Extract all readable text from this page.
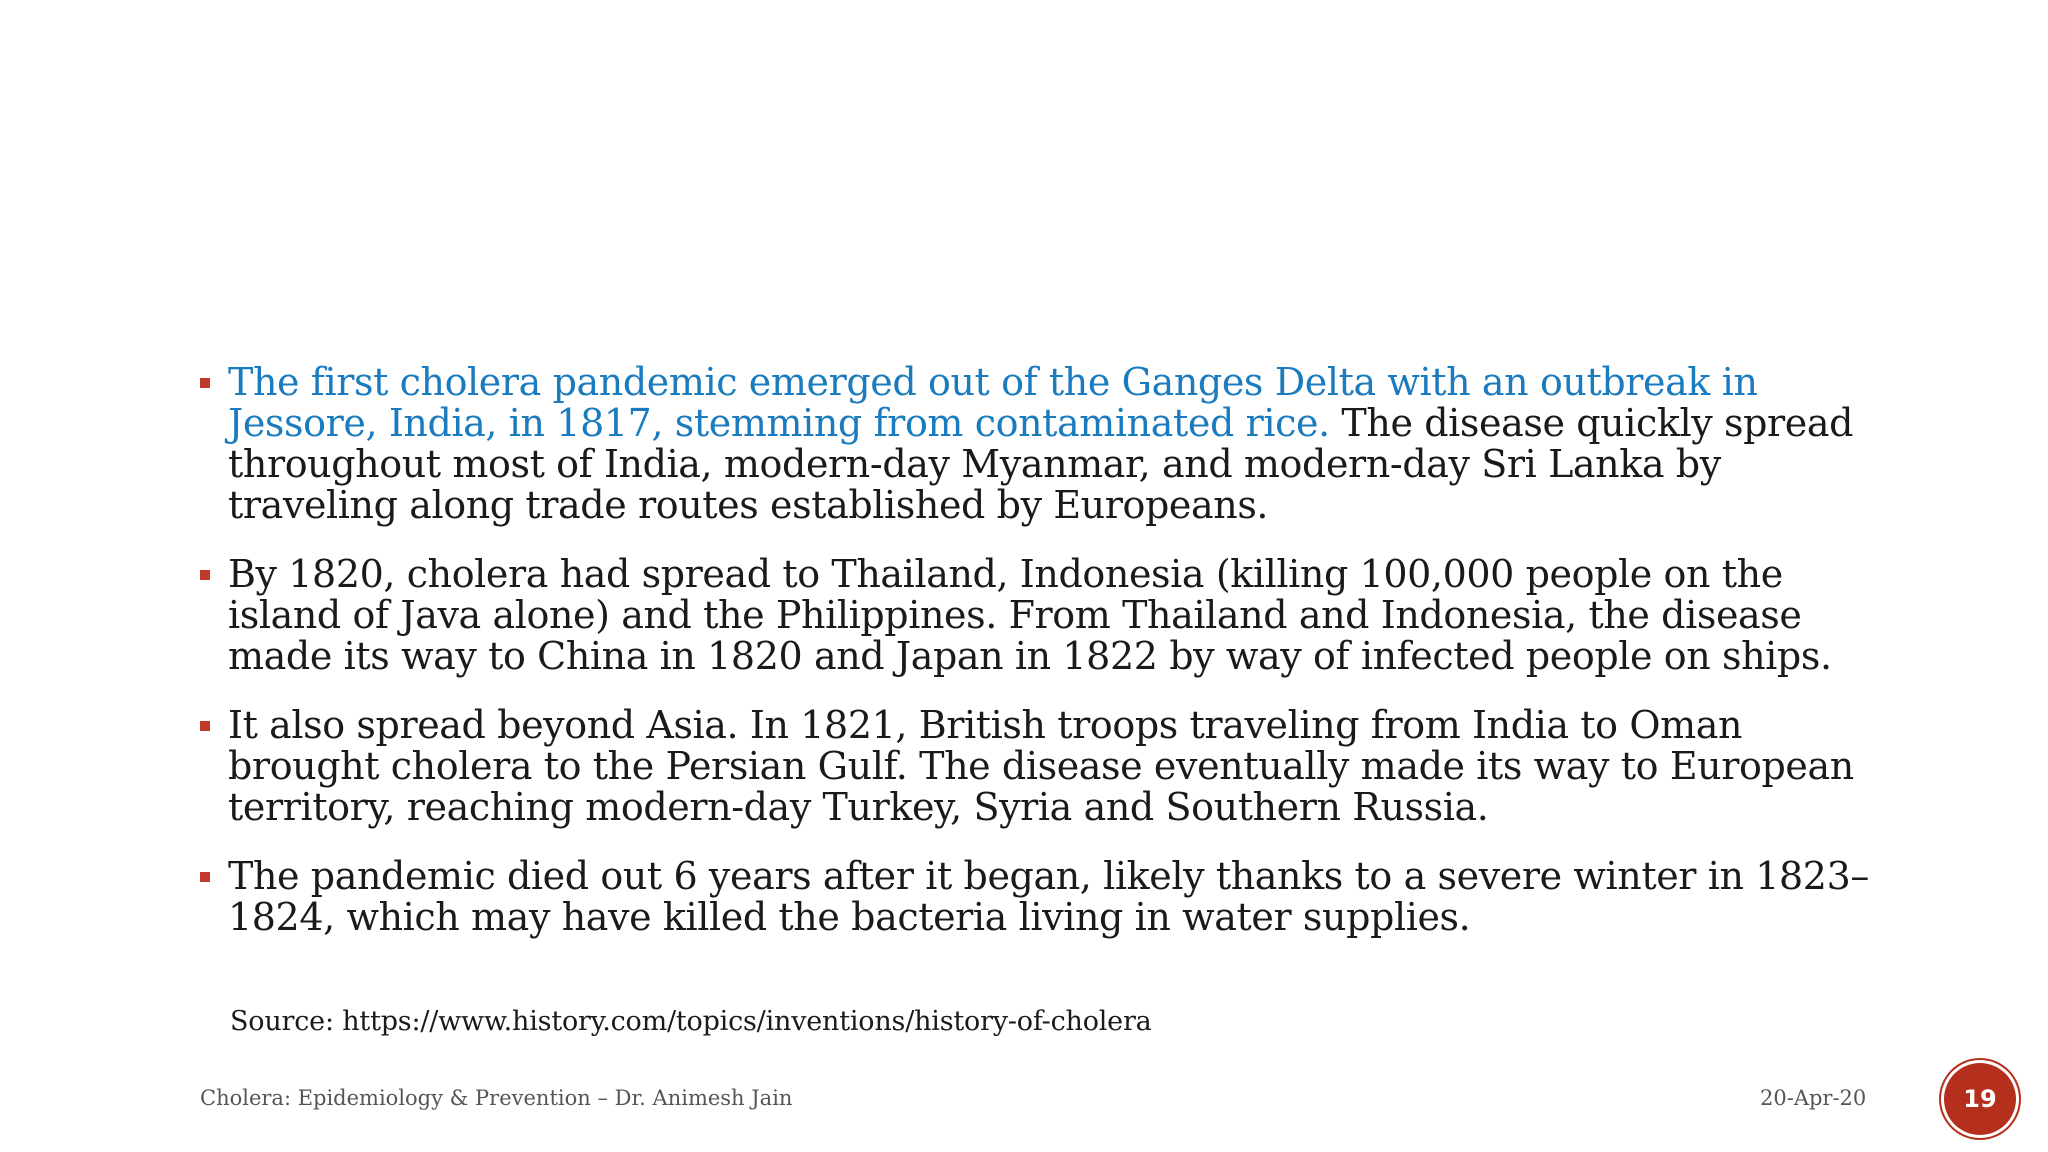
The first cholera pandemic emerged out of the Ganges Delta with an outbreak in Jessore, India, in 1817, stemming from contaminated rice. The disease quickly spread throughout most of India, modern-day Myanmar, and modern-day Sri Lanka by traveling along trade routes established by Europeans.
By 1820, cholera had spread to Thailand, Indonesia (killing 100,000 people on the island of Java alone) and the Philippines. From Thailand and Indonesia, the disease made its way to China in 1820 and Japan in 1822 by way of infected people on ships.
It also spread beyond Asia. In 1821, British troops traveling from India to Oman brought cholera to the Persian Gulf. The disease eventually made its way to European territory, reaching modern-day Turkey, Syria and Southern Russia.
The pandemic died out 6 years after it began, likely thanks to a severe winter in 1823–1824, which may have killed the bacteria living in water supplies.
Source: https://www.history.com/topics/inventions/history-of-cholera
Cholera: Epidemiology & Prevention – Dr. Animesh Jain	20-Apr-20	19
